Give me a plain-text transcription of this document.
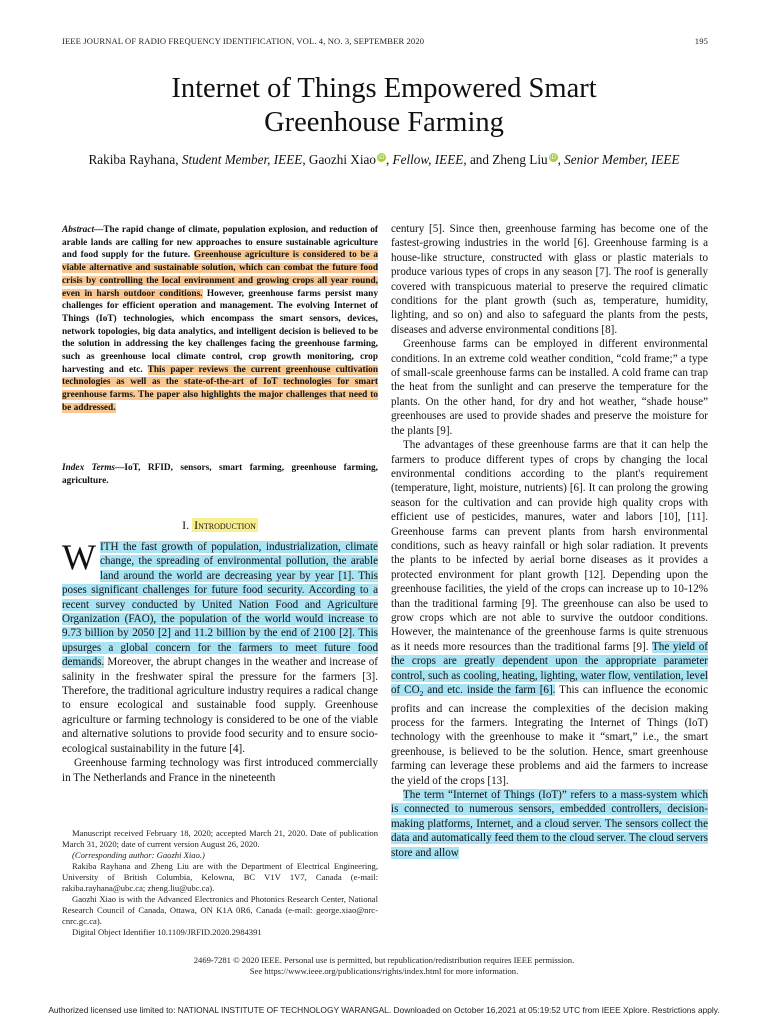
IEEE JOURNAL OF RADIO FREQUENCY IDENTIFICATION, VOL. 4, NO. 3, SEPTEMBER 2020	195
Internet of Things Empowered Smart
Greenhouse Farming
Rakiba Rayhana, Student Member, IEEE, Gaozhi Xiao iD, Fellow, IEEE, and Zheng Liu iD, Senior Member, IEEE
Abstract—The rapid change of climate, population explosion, and reduction of arable lands are calling for new approaches to ensure sustainable agriculture and food supply for the future. Greenhouse agriculture is considered to be a viable alternative and sustainable solution, which can combat the future food crisis by controlling the local environment and growing crops all year round, even in harsh outdoor conditions. However, greenhouse farms persist many challenges for efficient operation and management. The evolving Internet of Things (IoT) technologies, which encompass the smart sensors, devices, network topologies, big data analytics, and intelligent decision is believed to be the solution in addressing the key challenges facing the greenhouse farming, such as greenhouse local climate control, crop growth monitoring, crop harvesting and etc. This paper reviews the current greenhouse cultivation technologies as well as the state-of-the-art of IoT technologies for smart greenhouse farms. The paper also highlights the major challenges that need to be addressed.
Index Terms—IoT, RFID, sensors, smart farming, greenhouse farming, agriculture.
I. Introduction

WITH the fast growth of population, industrialization, climate change, the spreading of environmental pollution, the arable land around the world are decreasing year by year [1]. This poses significant challenges for future food security. According to a recent survey conducted by United Nation Food and Agriculture Organization (FAO), the population of the world would increase to 9.73 billion by 2050 [2] and 11.2 billion by the end of 2100 [2]. This upsurges a global concern for the farmers to meet future food demands. Moreover, the abrupt changes in the weather and increase of salinity in the freshwater spiral the pressure for the farmers [3]. Therefore, the traditional agriculture industry requires a radical change to ensure ecological and sustainable food supply. Greenhouse agriculture or farming technology is considered to be one of the viable and alternative solutions to provide food security and to ensure socio-ecological sustainability in the future [4].

Greenhouse farming technology was first introduced commercially in The Netherlands and France in the nineteenth

Manuscript received February 18, 2020; accepted March 21, 2020. Date of publication March 31, 2020; date of current version August 26, 2020.

(Corresponding author: Gaozhi Xiao.)

Rakiba Rayhana and Zheng Liu are with the Department of Electrical Engineering, University of British Columbia, Kelowna, BC V1V 1V7, Canada (e-mail: rakiba.rayhana@ubc.ca; zheng.liu@ubc.ca).

Gaozhi Xiao is with the Advanced Electronics and Photonics Research Center, National Research Council of Canada, Ottawa, ON K1A 0R6, Canada (e-mail: george.xiao@nrc-cnrc.gc.ca).

Digital Object Identifier 10.1109/JRFID.2020.2984391

century [5]. Since then, greenhouse farming has become one of the fastest-growing industries in the world [6]. Greenhouse farming is a house-like structure, constructed with glass or plastic materials to produce various types of crops in any season [7]. The roof is generally covered with transpicuous material to preserve the required climatic conditions for the plant growth (such as, temperature, humidity, lighting, and so on) and also to safeguard the plants from the pests, diseases and adverse environmental conditions [8].

Greenhouse farms can be employed in different environmental conditions. In an extreme cold weather condition, “cold frame;” a type of small-scale greenhouse farms can be installed. A cold frame can trap the heat from the sunlight and can preserve the temperature for the plants. On the other hand, for dry and hot weather, “shade house” greenhouses are used to provide shades and preserve the moisture for the plants [9].

The advantages of these greenhouse farms are that it can help the farmers to produce different types of crops by changing the local environmental conditions according to the plant's requirement (temperature, light, moisture, nutrients) [6]. It can prolong the growing season for the cultivation and can provide high quality crops with efficient use of pesticides, manures, water and labors [10], [11]. Greenhouse farms can prevent plants from harsh environmental conditions, such as heavy rainfall or high solar radiation. It prevents the plants to be infected by aerial borne diseases as it provides a protected environment for plant growth [12]. Depending upon the greenhouse facilities, the yield of the crops can increase up to 10-12% than the traditional farming [9]. The greenhouse can also be used to grow crops which are not able to survive the outdoor conditions. However, the maintenance of the greenhouse farms is quite strenuous as it needs more resources than the traditional farms [9]. The yield of the crops are greatly dependent upon the appropriate parameter control, such as cooling, heating, lighting, water flow, ventilation, level of $CO_2$ and etc. inside the farm [6]. This can influence the economic profits and can increase the complexities of the decision making process for the farmers. Integrating the Internet of Things (IoT) technology with the greenhouse to make it “smart,” i.e., the smart greenhouse, is believed to be the solution. Hence, smart greenhouse farming can leverage these problems and aid the farmers to increase the yield of the crops [13].

The term “Internet of Things (IoT)” refers to a mass-system which is connected to numerous sensors, embedded controllers, decision-making platforms, Internet, and a cloud server. The sensors collect the data and automatically feed them to the cloud server. The cloud servers store and allow

2469-7281 © 2020 IEEE. Personal use is permitted, but republication/redistribution requires IEEE permission.
See https://www.ieee.org/publications/rights/index.html for more information.
Authorized licensed use limited to: NATIONAL INSTITUTE OF TECHNOLOGY WARANGAL. Downloaded on October 16,2021 at 05:19:52 UTC from IEEE Xplore. Restrictions apply.
